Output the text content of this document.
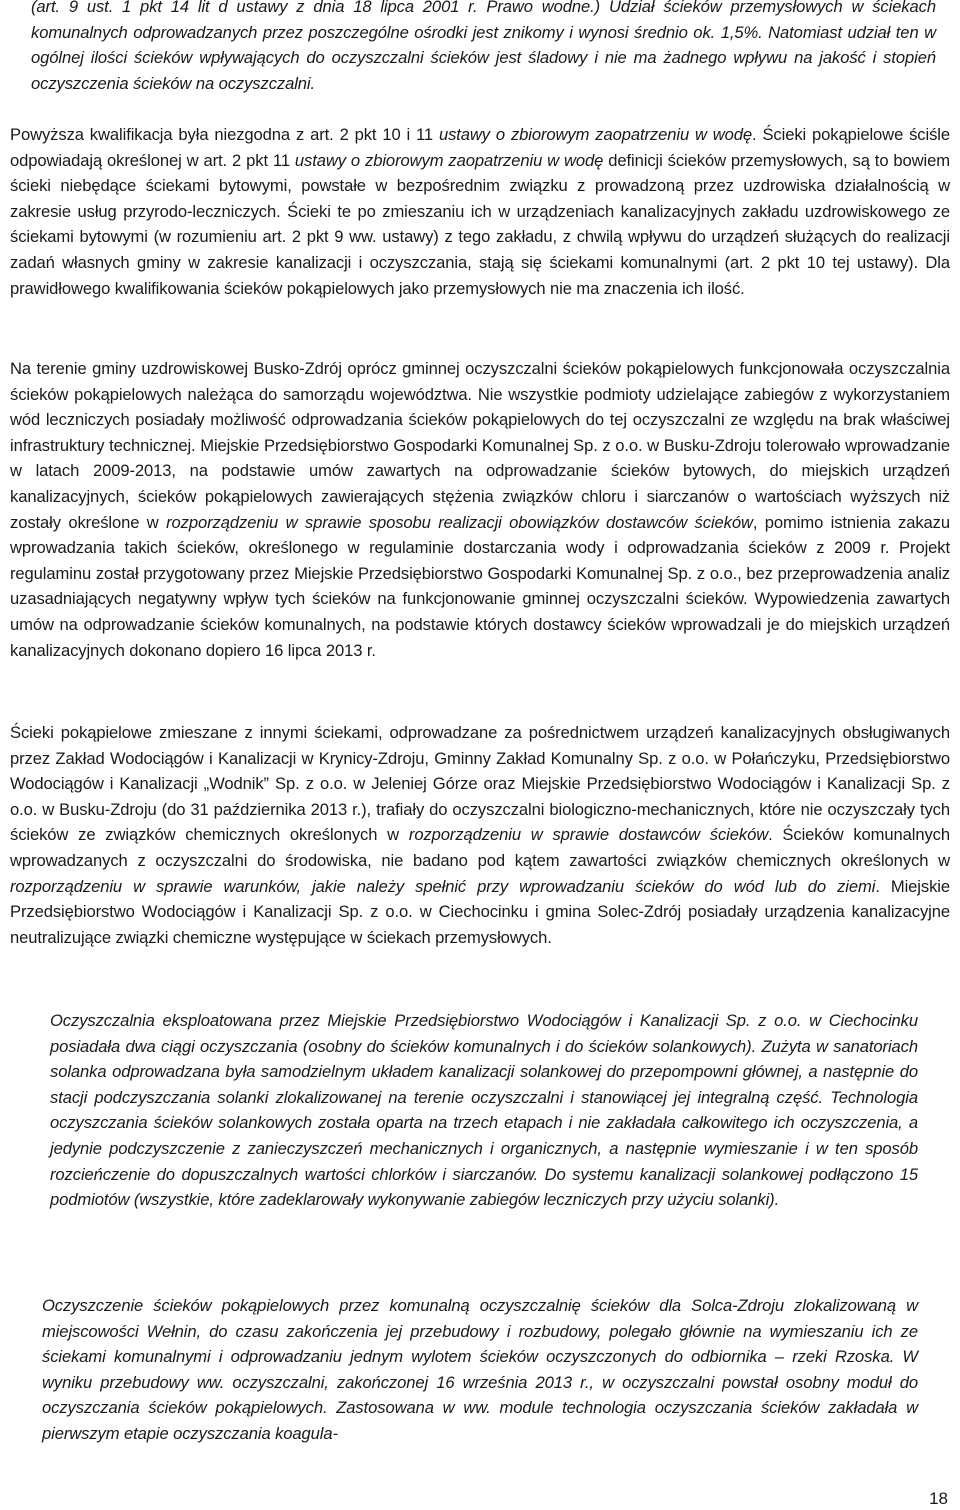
(art. 9 ust. 1 pkt 14 lit d ustawy z dnia 18 lipca 2001 r. Prawo wodne.) Udział ścieków przemysłowych w ściekach komunalnych odprowadzanych przez poszczególne ośrodki jest znikomy i wynosi średnio ok. 1,5%. Natomiast udział ten w ogólnej ilości ścieków wpływających do oczyszczalni ścieków jest śladowy i nie ma żadnego wpływu na jakość i stopień oczyszczenia ścieków na oczyszczalni.

Powyższa kwalifikacja była niezgodna z art. 2 pkt 10 i 11 ustawy o zbiorowym zaopatrzeniu w wodę. Ścieki pokąpielowe ściśle odpowiadają określonej w art. 2 pkt 11 ustawy o zbiorowym zaopatrzeniu w wodę definicji ścieków przemysłowych, są to bowiem ścieki niebędące ściekami bytowymi, powstałe w bezpośrednim związku z prowadzoną przez uzdrowiska działalnością w zakresie usług przyrodo-leczniczych. Ścieki te po zmieszaniu ich w urządzeniach kanalizacyjnych zakładu uzdrowiskowego ze ściekami bytowymi (w rozumieniu art. 2 pkt 9 ww. ustawy) z tego zakładu, z chwilą wpływu do urządzeń służących do realizacji zadań własnych gminy w zakresie kanalizacji i oczyszczania, stają się ściekami komunalnymi (art. 2 pkt 10 tej ustawy). Dla prawidłowego kwalifikowania ścieków pokąpielowych jako przemysłowych nie ma znaczenia ich ilość.

Na terenie gminy uzdrowiskowej Busko-Zdrój oprócz gminnej oczyszczalni ścieków pokąpielowych funkcjonowała oczyszczalnia ścieków pokąpielowych należąca do samorządu województwa. Nie wszystkie podmioty udzielające zabiegów z wykorzystaniem wód leczniczych posiadały możliwość odprowadzania ścieków pokąpielowych do tej oczyszczalni ze względu na brak właściwej infrastruktury technicznej. Miejskie Przedsiębiorstwo Gospodarki Komunalnej Sp. z o.o. w Busku-Zdroju tolerowało wprowadzanie w latach 2009-2013, na podstawie umów zawartych na odprowadzanie ścieków bytowych, do miejskich urządzeń kanalizacyjnych, ścieków pokąpielowych zawierających stężenia związków chloru i siarczanów o wartościach wyższych niż zostały określone w rozporządzeniu w sprawie sposobu realizacji obowiązków dostawców ścieków, pomimo istnienia zakazu wprowadzania takich ścieków, określonego w regulaminie dostarczania wody i odprowadzania ścieków z 2009 r. Projekt regulaminu został przygotowany przez Miejskie Przedsiębiorstwo Gospodarki Komunalnej Sp. z o.o., bez przeprowadzenia analiz uzasadniających negatywny wpływ tych ścieków na funkcjonowanie gminnej oczyszczalni ścieków. Wypowiedzenia zawartych umów na odprowadzanie ścieków komunalnych, na podstawie których dostawcy ścieków wprowadzali je do miejskich urządzeń kanalizacyjnych dokonano dopiero 16 lipca 2013 r.

Ścieki pokąpielowe zmieszane z innymi ściekami, odprowadzane za pośrednictwem urządzeń kanalizacyjnych obsługiwanych przez Zakład Wodociągów i Kanalizacji w Krynicy-Zdroju, Gminny Zakład Komunalny Sp. z o.o. w Połańczyku, Przedsiębiorstwo Wodociągów i Kanalizacji „Wodnik” Sp. z o.o. w Jeleniej Górze oraz Miejskie Przedsiębiorstwo Wodociągów i Kanalizacji Sp. z o.o. w Busku-Zdroju (do 31 października 2013 r.), trafiały do oczyszczalni biologiczno-mechanicznych, które nie oczyszczały tych ścieków ze związków chemicznych określonych w rozporządzeniu w sprawie dostawców ścieków. Ścieków komunalnych wprowadzanych z oczyszczalni do środowiska, nie badano pod kątem zawartości związków chemicznych określonych w rozporządzeniu w sprawie warunków, jakie należy spełnić przy wprowadzaniu ścieków do wód lub do ziemi. Miejskie Przedsiębiorstwo Wodociągów i Kanalizacji Sp. z o.o. w Ciechocinku i gmina Solec-Zdrój posiadały urządzenia kanalizacyjne neutralizujące związki chemiczne występujące w ściekach przemysłowych.

Oczyszczalnia eksploatowana przez Miejskie Przedsiębiorstwo Wodociągów i Kanalizacji Sp. z o.o. w Ciechocinku posiadała dwa ciągi oczyszczania (osobny do ścieków komunalnych i do ścieków solankowych). Zużyta w sanatoriach solanka odprowadzana była samodzielnym układem kanalizacji solankowej do przepompowni głównej, a następnie do stacji podczyszczania solanki zlokalizowanej na terenie oczyszczalni i stanowiącej jej integralną część. Technologia oczyszczania ścieków solankowych została oparta na trzech etapach i nie zakładała całkowitego ich oczyszczenia, a jedynie podczyszczenie z zanieczyszczeń mechanicznych i organicznych, a następnie wymieszanie i w ten sposób rozcieńczenie do dopuszczalnych wartości chlorków i siarczanów. Do systemu kanalizacji solankowej podłączono 15 podmiotów (wszystkie, które zadeklarowały wykonywanie zabiegów leczniczych przy użyciu solanki).

Oczyszczenie ścieków pokąpielowych przez komunalną oczyszczalnię ścieków dla Solca-Zdroju zlokalizowaną w miejscowości Wełnin, do czasu zakończenia jej przebudowy i rozbudowy, polegało głównie na wymieszaniu ich ze ściekami komunalnymi i odprowadzaniu jednym wylotem ścieków oczyszczonych do odbiornika – rzeki Rzoska. W wyniku przebudowy ww. oczyszczalni, zakończonej 16 września 2013 r., w oczyszczalni powstał osobny moduł do oczyszczania ścieków pokąpielowych. Zastosowana w ww. module technologia oczyszczania ścieków zakładała w pierwszym etapie oczyszczania koagula-

18
